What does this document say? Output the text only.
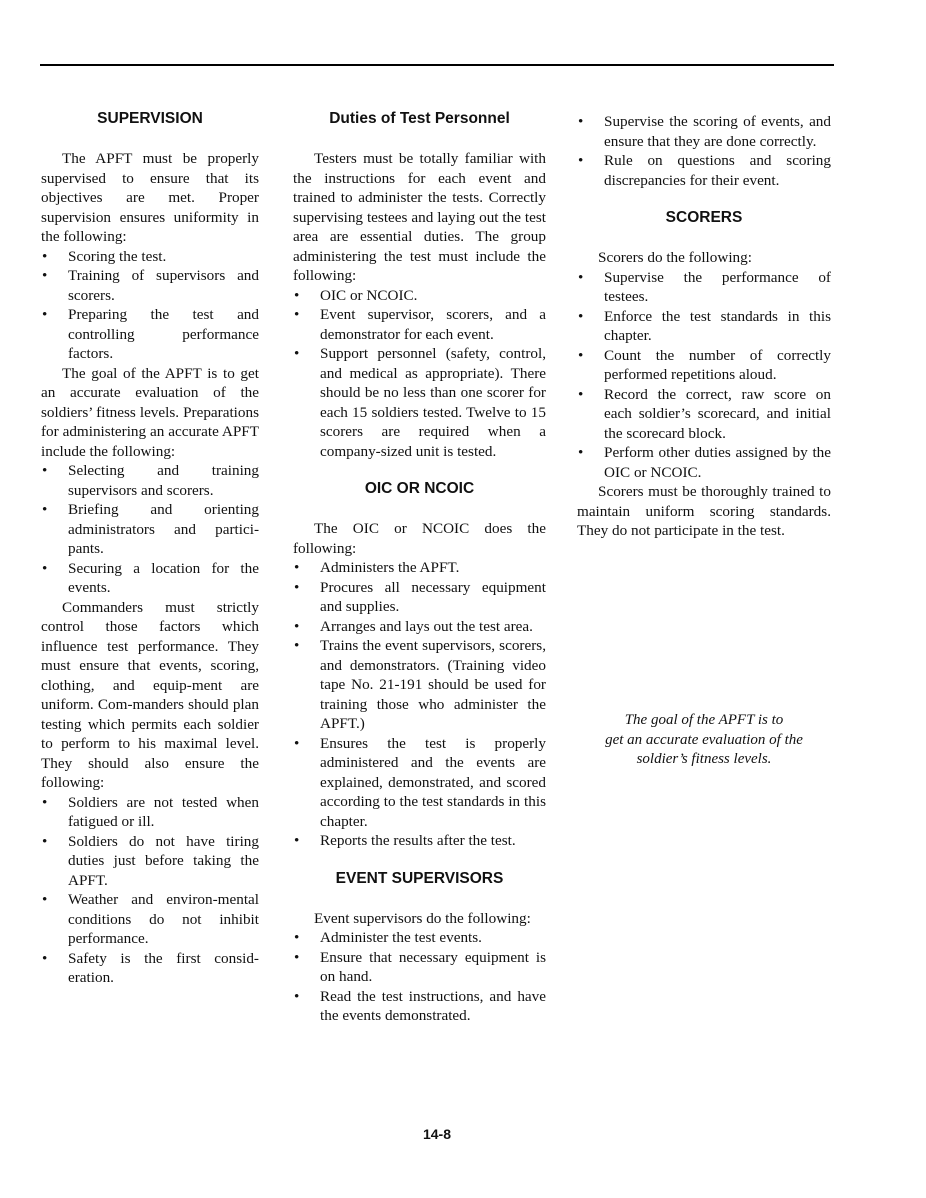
SUPERVISION

The APFT must be properly supervised to ensure that its objectives are met. Proper supervision ensures uniformity in the following:

• Scoring the test.
• Training of supervisors and scorers.
• Preparing the test and controlling performance factors.

The goal of the APFT is to get an accurate evaluation of the soldiers’ fitness levels. Preparations for administering an accurate APFT include the following:

• Selecting and training supervisors and scorers.
• Briefing and orienting administrators and partici-pants.
• Securing a location for the events.

Commanders must strictly control those factors which influence test performance. They must ensure that events, scoring, clothing, and equip-ment are uniform. Com-manders should plan testing which permits each soldier to perform to his maximal level. They should also ensure the following:

• Soldiers are not tested when fatigued or ill.
• Soldiers do not have tiring duties just before taking the APFT.
• Weather and environ-mental conditions do not inhibit performance.
• Safety is the first consid-eration.
Duties of Test Personnel

Testers must be totally familiar with the instructions for each event and trained to administer the tests. Correctly supervising testees and laying out the test area are essential duties. The group administering the test must include the following:

• OIC or NCOIC.
• Event supervisor, scorers, and a demonstrator for each event.
• Support personnel (safety, control, and medical as appropriate). There should be no less than one scorer for each 15 soldiers tested. Twelve to 15 scorers are required when a company-sized unit is tested.
OIC OR NCOIC

The OIC or NCOIC does the following:

• Administers the APFT.
• Procures all necessary equipment and supplies.
• Arranges and lays out the test area.
• Trains the event supervisors, scorers, and demonstrators. (Training video tape No. 21-191 should be used for training those who administer the APFT.)
• Ensures the test is properly administered and the events are explained, demonstrated, and scored according to the test standards in this chapter.
• Reports the results after the test.
EVENT SUPERVISORS

Event supervisors do the following:

• Administer the test events.
• Ensure that necessary equipment is on hand.
• Read the test instructions, and have the events demonstrated.
• Supervise the scoring of events, and ensure that they are done correctly.
• Rule on questions and scoring discrepancies for their event.
SCORERS

Scorers do the following:

• Supervise the performance of testees.
• Enforce the test standards in this chapter.
• Count the number of correctly performed repetitions aloud.
• Record the correct, raw score on each soldier’s scorecard, and initial the scorecard block.
• Perform other duties assigned by the OIC or NCOIC.

Scorers must be thoroughly trained to maintain uniform scoring standards. They do not participate in the test.

The goal of the APFT is to
get an accurate evaluation of the
soldier’s fitness levels.
14-8
